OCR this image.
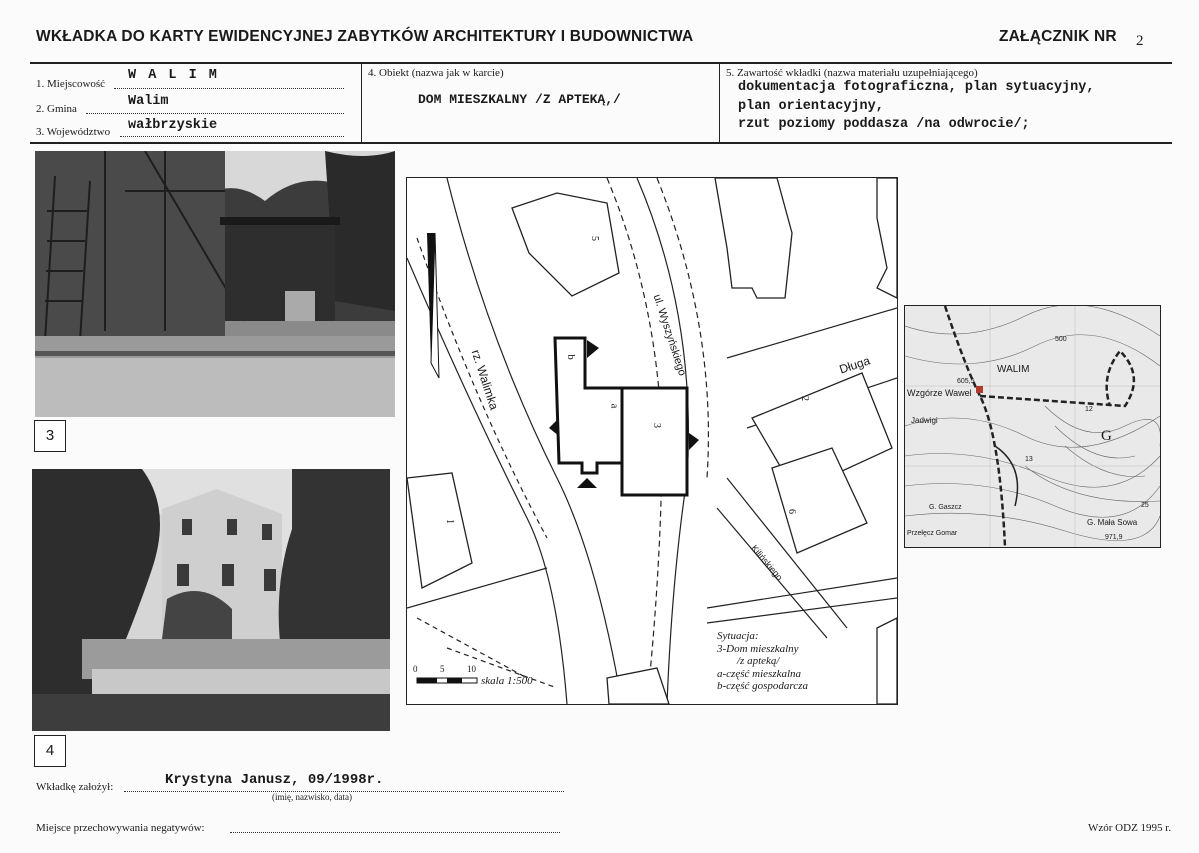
WKŁADKA DO KARTY EWIDENCYJNEJ ZABYTKÓW ARCHITEKTURY I BUDOWNICTWA	ZAŁĄCZNIK NR 2
1. Miejscowość
W A L I M
2. Gmina	Walim
3. Województwo wałbrzyskie
4. Obiekt (nazwa jak w karcie)
DOM MIESZKALNY /Z APTEKĄ,/
5. Zawartość wkładki (nazwa materiału uzupełniającego)
dokumentacja fotograficzna, plan sytuacyjny,
plan orientacyjny,
rzut poziomy poddasza /na odwrocie/;
3
4
ul. Wyszyńskiego	Długa
rz. Walimka
Kilińskiego
5
3
2
1
6
b
a
0	5	10
skala 1:500
Sytuacja:
3-Dom mieszkalny
/z apteką/
a-część mieszkalna
b-część gospodarcza
WALIM
Wzgórze Wawel
Jadwigi
G
G. Mała Sowa
G. Gaszcz
Przełęcz Gomar
971,9
605,5
500
13
12
25
Wkładkę założył:	Krystyna Janusz, 09/1998r.
(imię, nazwisko, data)
Miejsce przechowywania negatywów:	Wzór ODZ 1995 r.
